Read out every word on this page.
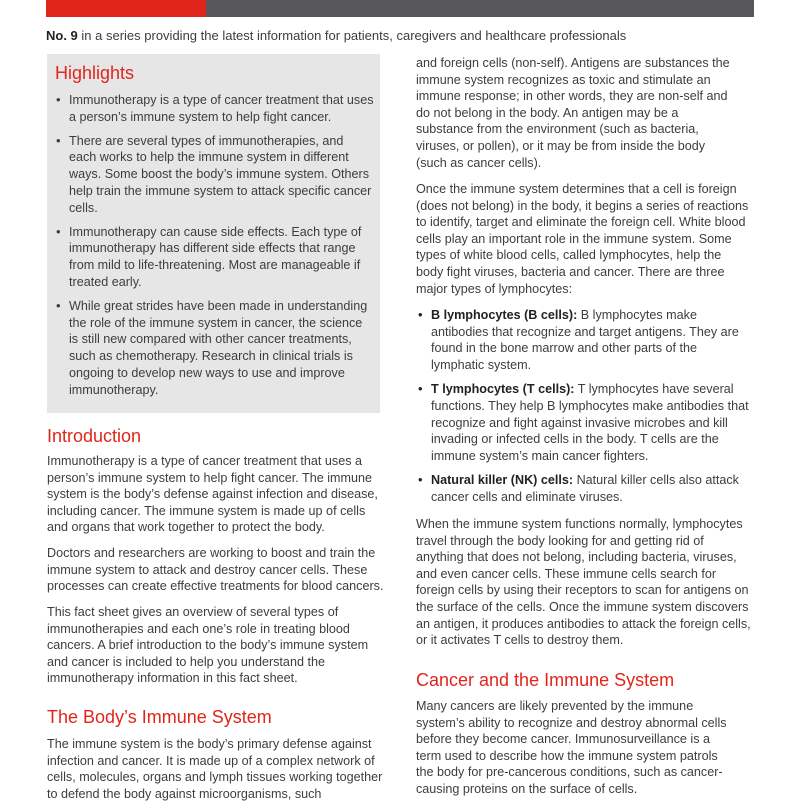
No. 9 in a series providing the latest information for patients, caregivers and healthcare professionals
Highlights
• Immunotherapy is a type of cancer treatment that uses a person’s immune system to help fight cancer.
• There are several types of immunotherapies, and each works to help the immune system in different ways. Some boost the body’s immune system. Others help train the immune system to attack specific cancer cells.
• Immunotherapy can cause side effects. Each type of immunotherapy has different side effects that range from mild to life-threatening. Most are manageable if treated early.
• While great strides have been made in understanding the role of the immune system in cancer, the science is still new compared with other cancer treatments, such as chemotherapy. Research in clinical trials is ongoing to develop new ways to use and improve immunotherapy.
Introduction
Immunotherapy is a type of cancer treatment that uses a person’s immune system to help fight cancer. The immune system is the body’s defense against infection and disease, including cancer. The immune system is made up of cells and organs that work together to protect the body.
Doctors and researchers are working to boost and train the immune system to attack and destroy cancer cells. These processes can create effective treatments for blood cancers.
This fact sheet gives an overview of several types of immunotherapies and each one’s role in treating blood cancers. A brief introduction to the body’s immune system and cancer is included to help you understand the immunotherapy information in this fact sheet.
The Body’s Immune System
The immune system is the body’s primary defense against infection and cancer. It is made up of a complex network of cells, molecules, organs and lymph tissues working together to defend the body against microorganisms, such
and foreign cells (non-self). Antigens are substances the immune system recognizes as toxic and stimulate an immune response; in other words, they are non-self and do not belong in the body. An antigen may be a substance from the environment (such as bacteria, viruses, or pollen), or it may be from inside the body (such as cancer cells).
Once the immune system determines that a cell is foreign (does not belong) in the body, it begins a series of reactions to identify, target and eliminate the foreign cell. White blood cells play an important role in the immune system. Some types of white blood cells, called lymphocytes, help the body fight viruses, bacteria and cancer. There are three major types of lymphocytes:
• B lymphocytes (B cells): B lymphocytes make antibodies that recognize and target antigens. They are found in the bone marrow and other parts of the lymphatic system.
• T lymphocytes (T cells): T lymphocytes have several functions. They help B lymphocytes make antibodies that recognize and fight against invasive microbes and kill invading or infected cells in the body. T cells are the immune system’s main cancer fighters.
• Natural killer (NK) cells: Natural killer cells also attack cancer cells and eliminate viruses.
When the immune system functions normally, lymphocytes travel through the body looking for and getting rid of anything that does not belong, including bacteria, viruses, and even cancer cells. These immune cells search for foreign cells by using their receptors to scan for antigens on the surface of the cells. Once the immune system discovers an antigen, it produces antibodies to attack the foreign cells, or it activates T cells to destroy them.
Cancer and the Immune System
Many cancers are likely prevented by the immune system’s ability to recognize and destroy abnormal cells before they become cancer. Immunosurveillance is a term used to describe how the immune system patrols the body for pre-cancerous conditions, such as cancer-causing proteins on the surface of cells.
